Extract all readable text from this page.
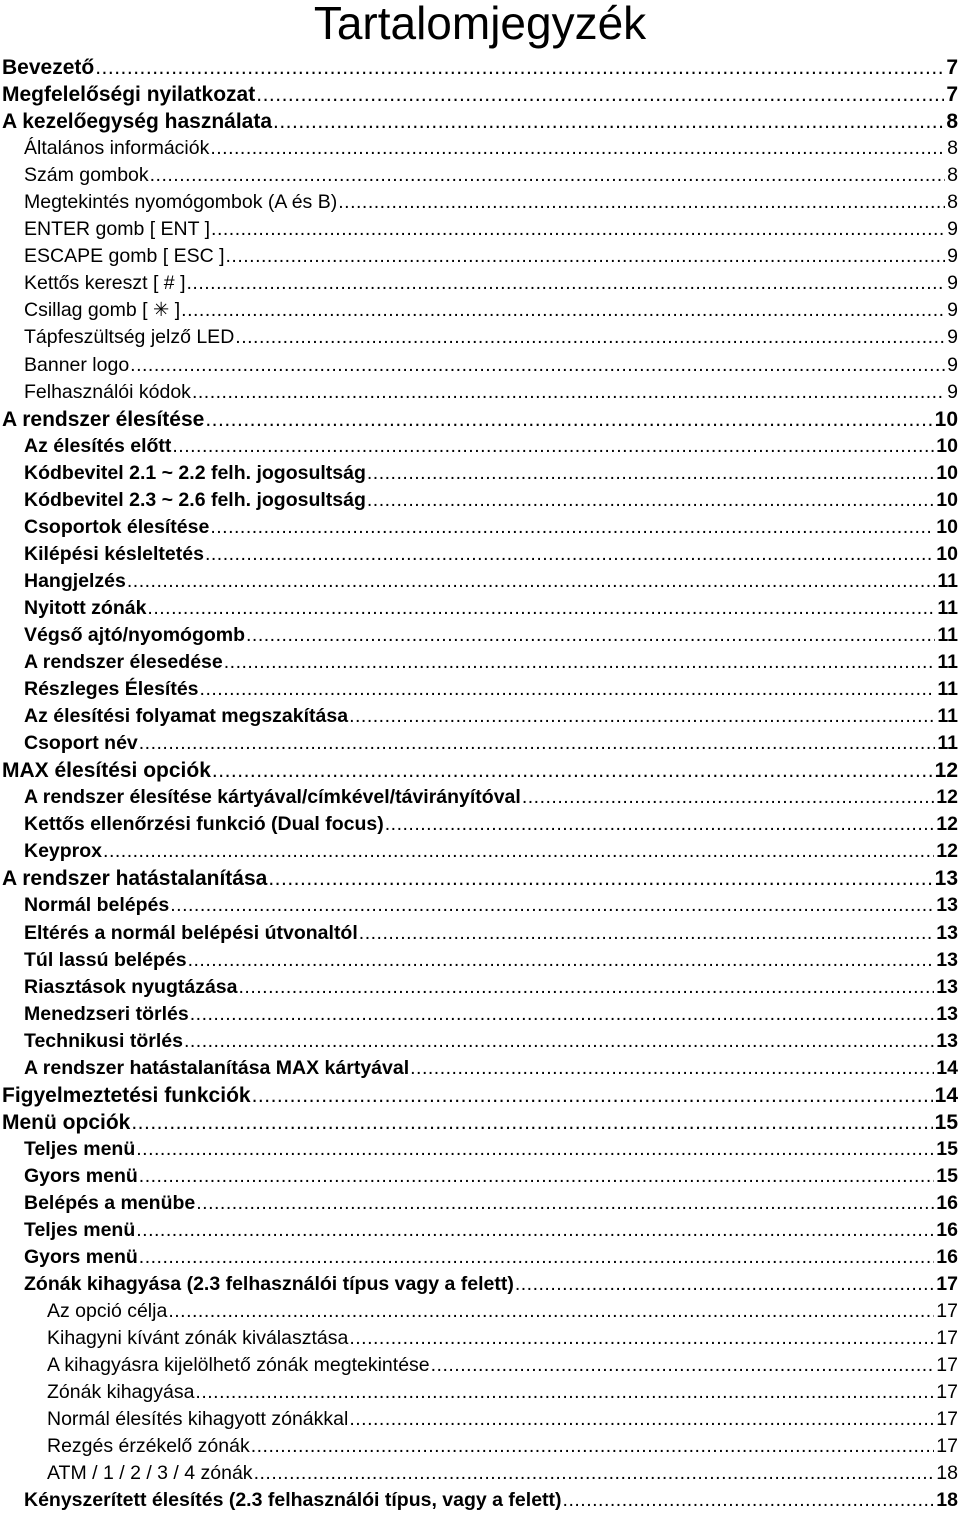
Tartalomjegyzék
Bevezető .....	7
Megfelelőségi nyilatkozat .....	7
A kezelőegység használata .....	8
Általános információk .....	8
Szám gombok .....	8
Megtekintés nyomógombok (A és B) .....	8
ENTER gomb [ ENT ] .....	9
ESCAPE gomb [ ESC ] .....	9
Kettős kereszt [ # ] .....	9
Csillag gomb [ ✳ ] .....	9
Tápfeszültség jelző LED .....	9
Banner logo .....	9
Felhasználói kódok .....	9
A rendszer élesítése .....	10
Az élesítés előtt .....	10
Kódbevitel 2.1 ~ 2.2 felh. jogosultság .....	10
Kódbevitel 2.3 ~ 2.6 felh. jogosultság .....	10
Csoportok élesítése .....	10
Kilépési késleltetés .....	10
Hangjelzés .....	11
Nyitott zónák .....	11
Végső ajtó/nyomógomb .....	11
A rendszer élesedése .....	11
Részleges Élesítés .....	11
Az élesítési folyamat megszakítása .....	11
Csoport név .....	11
MAX élesítési opciók .....	12
A rendszer élesítése kártyával/címkével/távirányítóval .....	12
Kettős ellenőrzési funkció (Dual focus) .....	12
Keyprox .....	12
A rendszer hatástalanítása .....	13
Normál belépés .....	13
Eltérés a normál belépési útvonaltól .....	13
Túl lassú belépés .....	13
Riasztások nyugtázása .....	13
Menedzseri törlés .....	13
Technikusi törlés .....	13
A rendszer hatástalanítása MAX kártyával .....	14
Figyelmeztetési funkciók .....	14
Menü opciók .....	15
Teljes menü .....	15
Gyors menü .....	15
Belépés a menübe .....	16
Teljes menü .....	16
Gyors menü .....	16
Zónák kihagyása (2.3 felhasználói típus vagy a felett) .....	17
Az opció célja .....	17
Kihagyni kívánt zónák kiválasztása .....	17
A kihagyásra kijelölhető zónák megtekintése .....	17
Zónák kihagyása .....	17
Normál élesítés kihagyott zónákkal .....	17
Rezgés érzékelő zónák .....	17
ATM / 1 / 2 / 3 / 4 zónák .....	18
Kényszerített élesítés (2.3 felhasználói típus, vagy a felett) .....	18
